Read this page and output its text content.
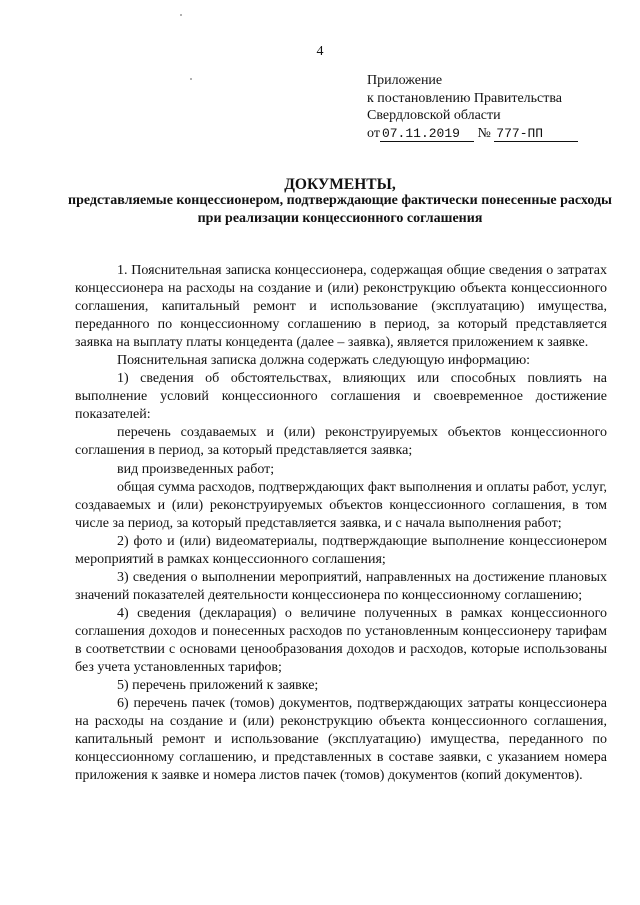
4
Приложение
к постановлению Правительства
Свердловской области
от 07.11.2019 № 777-ПП
ДОКУМЕНТЫ,
представляемые концессионером, подтверждающие фактически понесенные расходы при реализации концессионного соглашения

1. Пояснительная записка концессионера, содержащая общие сведения о затратах концессионера на расходы на создание и (или) реконструкцию объекта концессионного соглашения, капитальный ремонт и использование (эксплуатацию) имущества, переданного по концессионному соглашению в период, за который представляется заявка на выплату платы концедента (далее – заявка), является приложением к заявке.

Пояснительная записка должна содержать следующую информацию:

1) сведения об обстоятельствах, влияющих или способных повлиять на выполнение условий концессионного соглашения и своевременное достижение показателей:

перечень создаваемых и (или) реконструируемых объектов концессионного соглашения в период, за который представляется заявка;

вид произведенных работ;

общая сумма расходов, подтверждающих факт выполнения и оплаты работ, услуг, создаваемых и (или) реконструируемых объектов концессионного соглашения, в том числе за период, за который представляется заявка, и с начала выполнения работ;

2) фото и (или) видеоматериалы, подтверждающие выполнение концессионером мероприятий в рамках концессионного соглашения;

3) сведения о выполнении мероприятий, направленных на достижение плановых значений показателей деятельности концессионера по концессионному соглашению;

4) сведения (декларация) о величине полученных в рамках концессионного соглашения доходов и понесенных расходов по установленным концессионеру тарифам в соответствии с основами ценообразования доходов и расходов, которые использованы без учета установленных тарифов;

5) перечень приложений к заявке;

6) перечень пачек (томов) документов, подтверждающих затраты концессионера на расходы на создание и (или) реконструкцию объекта концессионного соглашения, капитальный ремонт и использование (эксплуатацию) имущества, переданного по концессионному соглашению, и представленных в составе заявки, с указанием номера приложения к заявке и номера листов пачек (томов) документов (копий документов).
